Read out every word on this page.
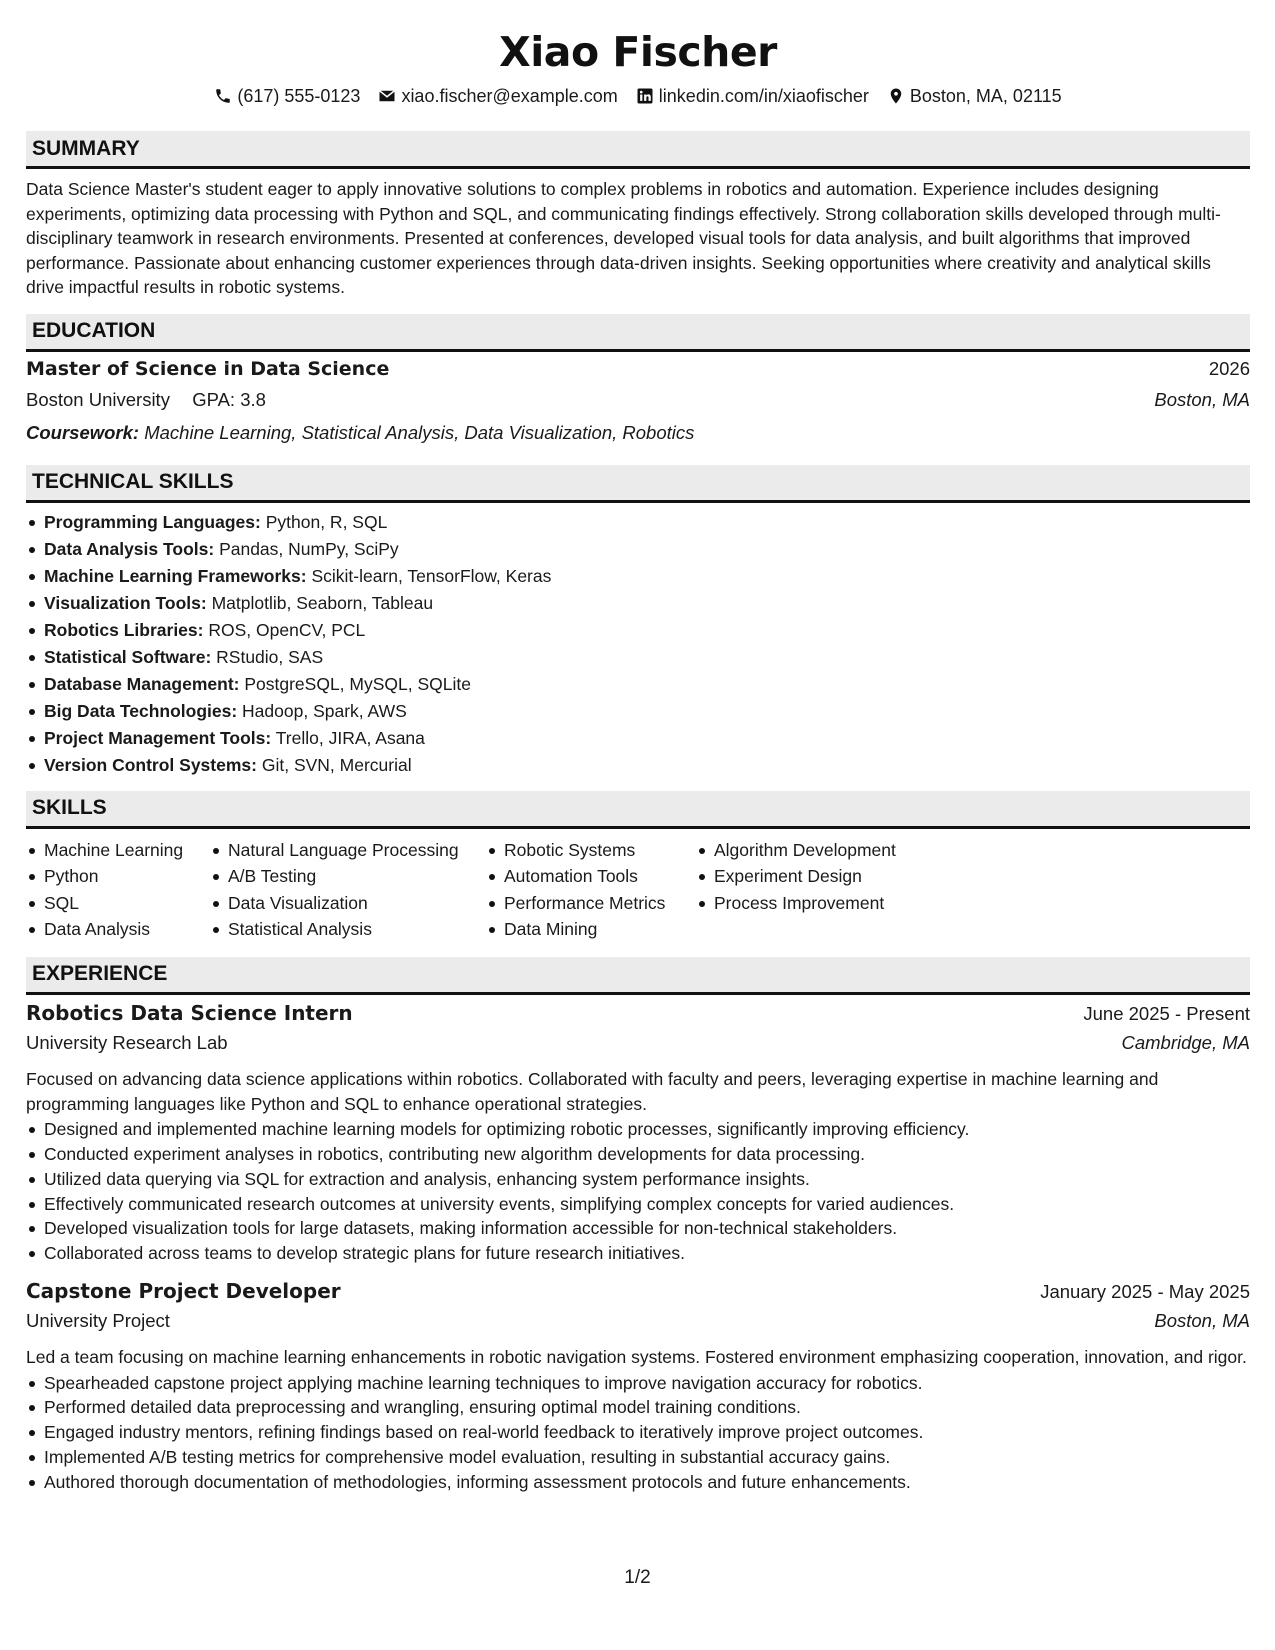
Xiao Fischer
(617) 555-0123 xiao.fischer@example.com linkedin.com/in/xiaofischer Boston, MA, 02115
SUMMARY

Data Science Master's student eager to apply innovative solutions to complex problems in robotics and automation. Experience includes designing experiments, optimizing data processing with Python and SQL, and communicating findings effectively. Strong collaboration skills developed through multi-disciplinary teamwork in research environments. Presented at conferences, developed visual tools for data analysis, and built algorithms that improved performance. Passionate about enhancing customer experiences through data-driven insights. Seeking opportunities where creativity and analytical skills drive impactful results in robotic systems.

EDUCATION
Master of Science in Data Science	2026
Boston University GPA: 3.8	Boston, MA
Coursework: Machine Learning, Statistical Analysis, Data Visualization, Robotics
TECHNICAL SKILLS
Programming Languages: Python, R, SQL
Data Analysis Tools: Pandas, NumPy, SciPy
Machine Learning Frameworks: Scikit-learn, TensorFlow, Keras
Visualization Tools: Matplotlib, Seaborn, Tableau
Robotics Libraries: ROS, OpenCV, PCL
Statistical Software: RStudio, SAS
Database Management: PostgreSQL, MySQL, SQLite
Big Data Technologies: Hadoop, Spark, AWS
Project Management Tools: Trello, JIRA, Asana
Version Control Systems: Git, SVN, Mercurial
SKILLS
Machine Learning
Python
SQL
Data Analysis
Natural Language Processing
A/B Testing
Data Visualization
Statistical Analysis
Robotic Systems
Automation Tools
Performance Metrics
Data Mining
Algorithm Development
Experiment Design
Process Improvement
EXPERIENCE
Robotics Data Science Intern	June 2025 - Present
University Research Lab	Cambridge, MA

Focused on advancing data science applications within robotics. Collaborated with faculty and peers, leveraging expertise in machine learning and programming languages like Python and SQL to enhance operational strategies.

Designed and implemented machine learning models for optimizing robotic processes, significantly improving efficiency.
Conducted experiment analyses in robotics, contributing new algorithm developments for data processing.
Utilized data querying via SQL for extraction and analysis, enhancing system performance insights.
Effectively communicated research outcomes at university events, simplifying complex concepts for varied audiences.
Developed visualization tools for large datasets, making information accessible for non-technical stakeholders.
Collaborated across teams to develop strategic plans for future research initiatives.
Capstone Project Developer	January 2025 - May 2025
University Project	Boston, MA

Led a team focusing on machine learning enhancements in robotic navigation systems. Fostered environment emphasizing cooperation, innovation, and rigor.

Spearheaded capstone project applying machine learning techniques to improve navigation accuracy for robotics.
Performed detailed data preprocessing and wrangling, ensuring optimal model training conditions.
Engaged industry mentors, refining findings based on real-world feedback to iteratively improve project outcomes.
Implemented A/B testing metrics for comprehensive model evaluation, resulting in substantial accuracy gains.
Authored thorough documentation of methodologies, informing assessment protocols and future enhancements.
1/2
